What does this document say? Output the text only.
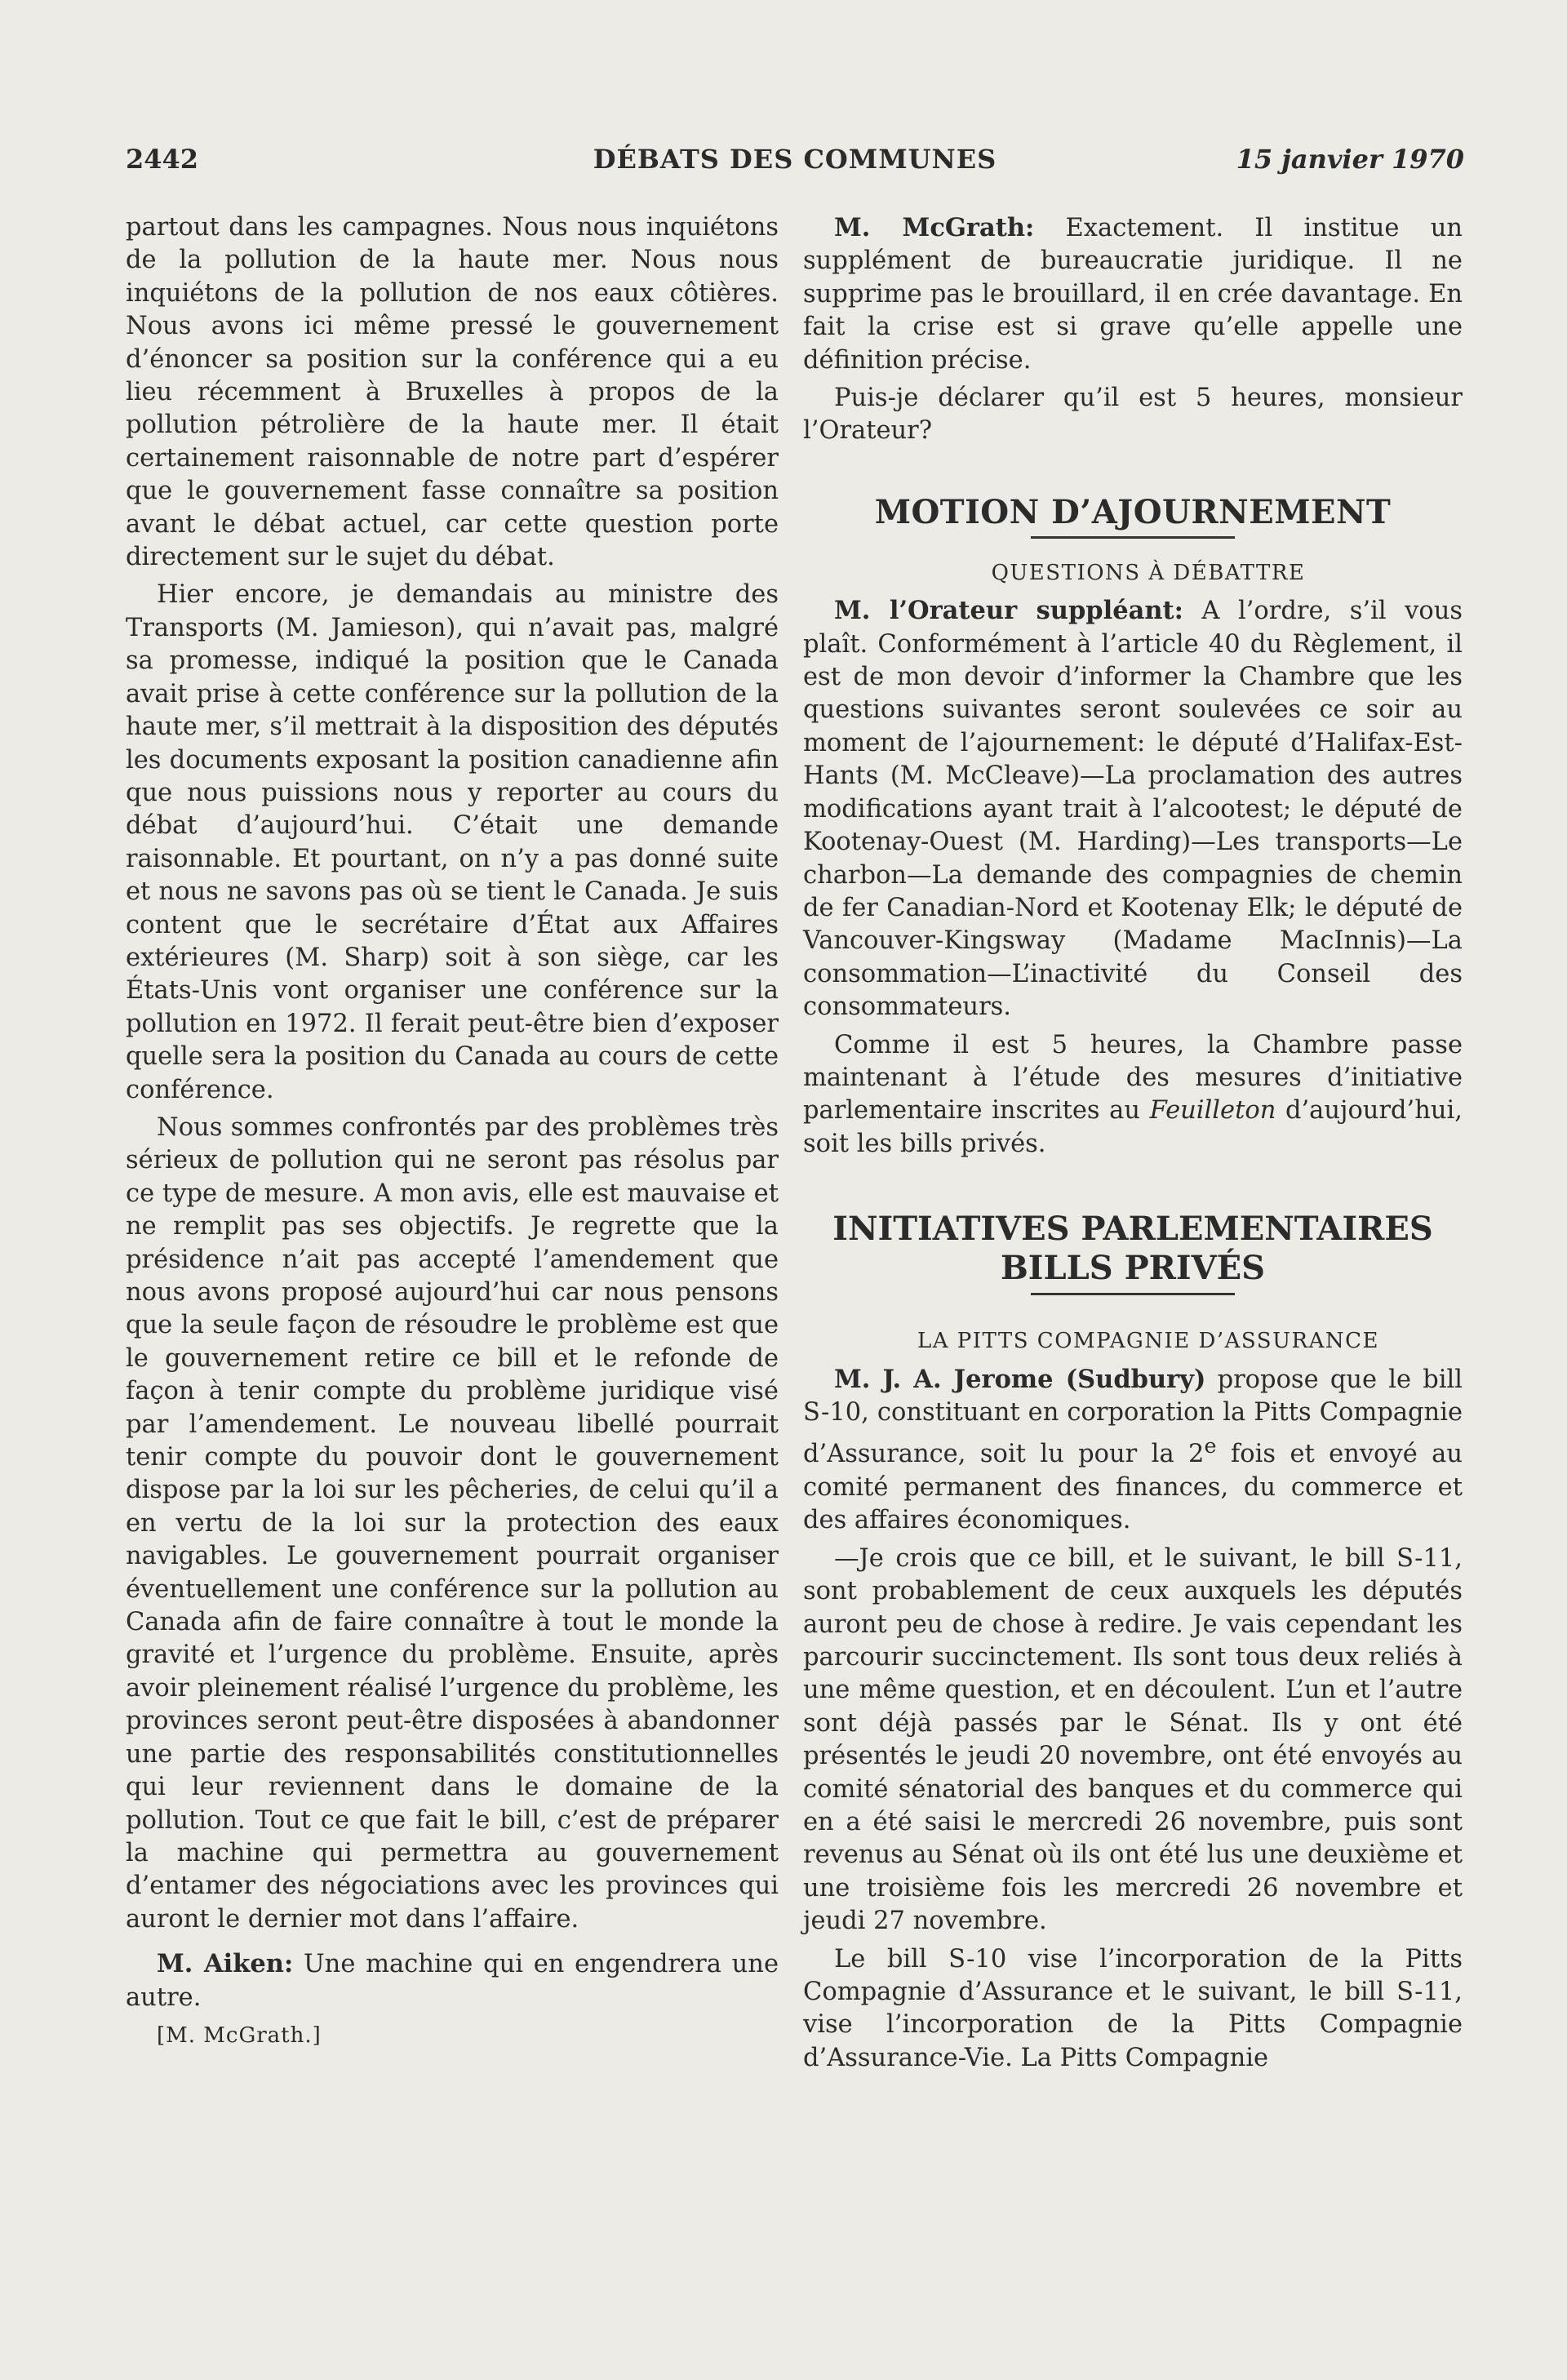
2442	DÉBATS DES COMMUNES	15 janvier 1970

partout dans les campagnes. Nous nous inquiétons de la pollution de la haute mer. Nous nous inquiétons de la pollution de nos eaux côtières. Nous avons ici même pressé le gouvernement d’énoncer sa position sur la conférence qui a eu lieu récemment à Bruxelles à propos de la pollution pétrolière de la haute mer. Il était certainement raisonnable de notre part d’espérer que le gouvernement fasse connaître sa position avant le débat actuel, car cette question porte directement sur le sujet du débat.

Hier encore, je demandais au ministre des Transports (M. Jamieson), qui n’avait pas, malgré sa promesse, indiqué la position que le Canada avait prise à cette conférence sur la pollution de la haute mer, s’il mettrait à la disposition des députés les documents exposant la position canadienne afin que nous puissions nous y reporter au cours du débat d’aujourd’hui. C’était une demande raisonnable. Et pourtant, on n’y a pas donné suite et nous ne savons pas où se tient le Canada. Je suis content que le secrétaire d’État aux Affaires extérieures (M. Sharp) soit à son siège, car les États-Unis vont organiser une conférence sur la pollution en 1972. Il ferait peut-être bien d’exposer quelle sera la position du Canada au cours de cette conférence.

Nous sommes confrontés par des problèmes très sérieux de pollution qui ne seront pas résolus par ce type de mesure. A mon avis, elle est mauvaise et ne remplit pas ses objectifs. Je regrette que la présidence n’ait pas accepté l’amendement que nous avons proposé aujourd’hui car nous pensons que la seule façon de résoudre le problème est que le gouvernement retire ce bill et le refonde de façon à tenir compte du problème juridique visé par l’amendement. Le nouveau libellé pourrait tenir compte du pouvoir dont le gouvernement dispose par la loi sur les pêcheries, de celui qu’il a en vertu de la loi sur la protection des eaux navigables. Le gouvernement pourrait organiser éventuellement une conférence sur la pollution au Canada afin de faire connaître à tout le monde la gravité et l’urgence du problème. Ensuite, après avoir pleinement réalisé l’urgence du problème, les provinces seront peut-être disposées à abandonner une partie des responsabilités constitutionnelles qui leur reviennent dans le domaine de la pollution. Tout ce que fait le bill, c’est de préparer la machine qui permettra au gouvernement d’entamer des négociations avec les provinces qui auront le dernier mot dans l’affaire.

M. Aiken: Une machine qui en engendrera une autre.

[M. McGrath.]

M. McGrath: Exactement. Il institue un supplément de bureaucratie juridique. Il ne supprime pas le brouillard, il en crée davantage. En fait la crise est si grave qu’elle appelle une définition précise.

Puis-je déclarer qu’il est 5 heures, monsieur l’Orateur?

MOTION D’AJOURNEMENT

QUESTIONS À DÉBATTRE

M. l’Orateur suppléant: A l’ordre, s’il vous plaît. Conformément à l’article 40 du Règlement, il est de mon devoir d’informer la Chambre que les questions suivantes seront soulevées ce soir au moment de l’ajournement: le député d’Halifax-Est-Hants (M. McCleave)—La proclamation des autres modifications ayant trait à l’alcootest; le député de Kootenay-Ouest (M. Harding)—Les transports—Le charbon—La demande des compagnies de chemin de fer Canadian-Nord et Kootenay Elk; le député de Vancouver-Kingsway (Madame MacInnis)—La consommation—L’inactivité du Conseil des consommateurs.

Comme il est 5 heures, la Chambre passe maintenant à l’étude des mesures d’initiative parlementaire inscrites au Feuilleton d’aujourd’hui, soit les bills privés.

INITIATIVES PARLEMENTAIRES
BILLS PRIVÉS

LA PITTS COMPAGNIE D’ASSURANCE

M. J. A. Jerome (Sudbury) propose que le bill S-10, constituant en corporation la Pitts Compagnie d’Assurance, soit lu pour la 2e fois et envoyé au comité permanent des finances, du commerce et des affaires économiques.

—Je crois que ce bill, et le suivant, le bill S-11, sont probablement de ceux auxquels les députés auront peu de chose à redire. Je vais cependant les parcourir succinctement. Ils sont tous deux reliés à une même question, et en découlent. L’un et l’autre sont déjà passés par le Sénat. Ils y ont été présentés le jeudi 20 novembre, ont été envoyés au comité sénatorial des banques et du commerce qui en a été saisi le mercredi 26 novembre, puis sont revenus au Sénat où ils ont été lus une deuxième et une troisième fois les mercredi 26 novembre et jeudi 27 novembre.

Le bill S-10 vise l’incorporation de la Pitts Compagnie d’Assurance et le suivant, le bill S-11, vise l’incorporation de la Pitts Compagnie d’Assurance-Vie. La Pitts Compagnie
